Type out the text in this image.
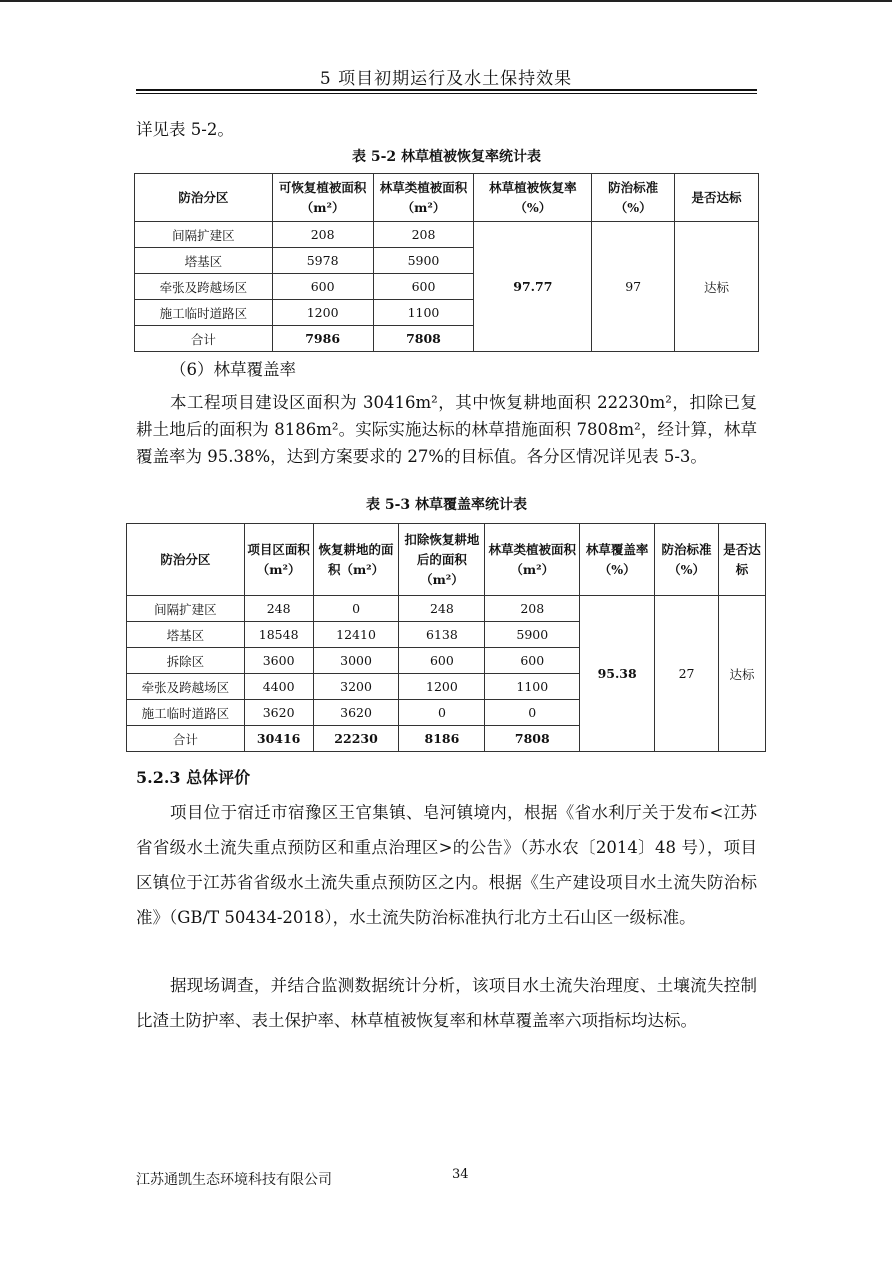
5 项目初期运行及水土保持效果
详见表 5-2。
表 5-2 林草植被恢复率统计表
防治分区	可恢复植被面积（m²）	林草类植被面积（m²）	林草植被恢复率（%）	防治标准（%）	是否达标
间隔扩建区	208	208	97.77	97	达标
塔基区	5978	5900			
牵张及跨越场区	600	600			
施工临时道路区	1200	1100			
合计	7986	7808			
（6）林草覆盖率
本工程项目建设区面积为 30416m²，其中恢复耕地面积 22230m²，扣除已复耕土地后的面积为 8186m²。实际实施达标的林草措施面积 7808m²，经计算，林草覆盖率为 95.38%，达到方案要求的 27%的目标值。各分区情况详见表 5-3。
表 5-3 林草覆盖率统计表
防治分区	项目区面积（m²）	恢复耕地的面积（m²）	扣除恢复耕地后的面积（m²）	林草类植被面积（m²）	林草覆盖率（%）	防治标准（%）	是否达标
间隔扩建区	248	0	248	208	95.38	27	达标
塔基区	18548	12410	6138	5900			
拆除区	3600	3000	600	600			
牵张及跨越场区	4400	3200	1200	1100			
施工临时道路区	3620	3620	0	0			
合计	30416	22230	8186	7808			
5.2.3 总体评价
项目位于宿迁市宿豫区王官集镇、皂河镇境内，根据《省水利厅关于发布<江苏省省级水土流失重点预防区和重点治理区>的公告》（苏水农〔2014〕48 号），项目区镇位于江苏省省级水土流失重点预防区之内。根据《生产建设项目水土流失防治标准》（GB/T 50434-2018），水土流失防治标准执行北方土石山区一级标准。
据现场调查，并结合监测数据统计分析，该项目水土流失治理度、土壤流失控制比渣土防护率、表土保护率、林草植被恢复率和林草覆盖率六项指标均达标。
江苏通凯生态环境科技有限公司	34
